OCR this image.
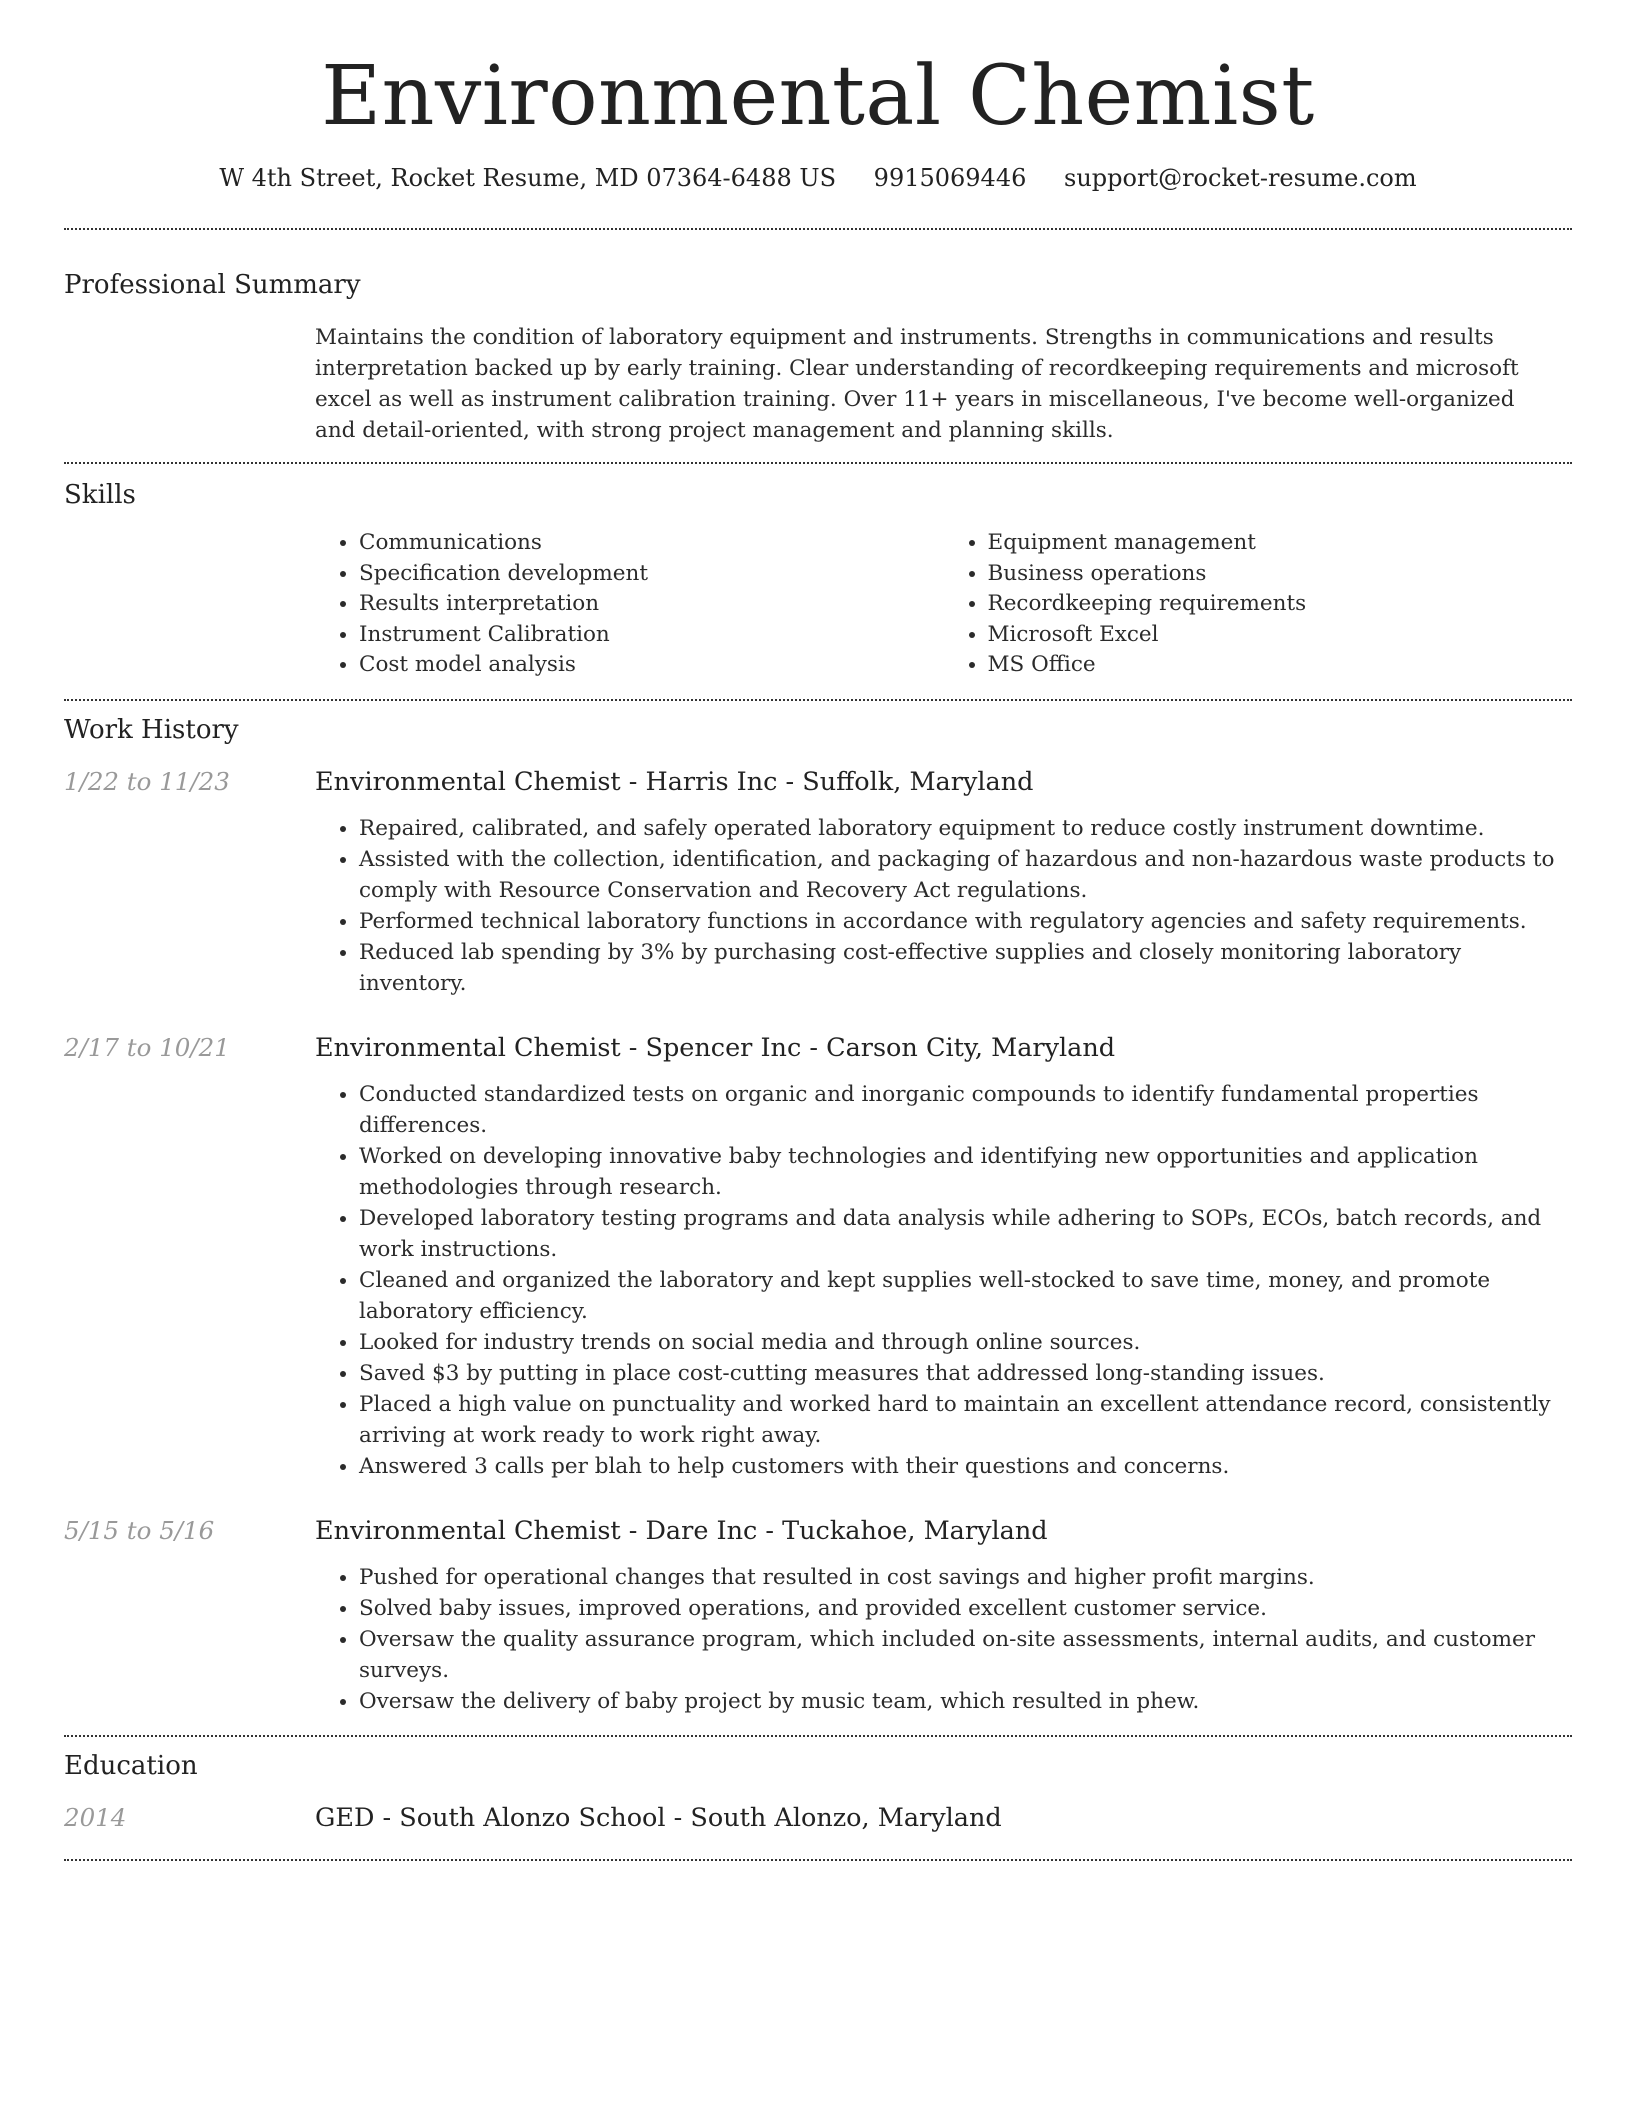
Environmental Chemist
W 4th Street, Rocket Resume, MD 07364-6488 US 9915069446 support@rocket-resume.com
Professional Summary

Maintains the condition of laboratory equipment and instruments. Strengths in communications and results interpretation backed up by early training. Clear understanding of recordkeeping requirements and microsoft excel as well as instrument calibration training. Over 11+ years in miscellaneous, I've become well-organized and detail-oriented, with strong project management and planning skills.

Skills
• Communications
• Specification development
• Results interpretation
• Instrument Calibration
• Cost model analysis
• Equipment management
• Business operations
• Recordkeeping requirements
• Microsoft Excel
• MS Office
Work History
1/22 to 11/23	Environmental Chemist - Harris Inc - Suffolk, Maryland
• Repaired, calibrated, and safely operated laboratory equipment to reduce costly instrument downtime.
• Assisted with the collection, identification, and packaging of hazardous and non-hazardous waste products to comply with Resource Conservation and Recovery Act regulations.
• Performed technical laboratory functions in accordance with regulatory agencies and safety requirements.
• Reduced lab spending by 3% by purchasing cost-effective supplies and closely monitoring laboratory inventory.
2/17 to 10/21	Environmental Chemist - Spencer Inc - Carson City, Maryland
• Conducted standardized tests on organic and inorganic compounds to identify fundamental properties differences.
• Worked on developing innovative baby technologies and identifying new opportunities and application methodologies through research.
• Developed laboratory testing programs and data analysis while adhering to SOPs, ECOs, batch records, and work instructions.
• Cleaned and organized the laboratory and kept supplies well-stocked to save time, money, and promote laboratory efficiency.
• Looked for industry trends on social media and through online sources.
• Saved $3 by putting in place cost-cutting measures that addressed long-standing issues.
• Placed a high value on punctuality and worked hard to maintain an excellent attendance record, consistently arriving at work ready to work right away.
• Answered 3 calls per blah to help customers with their questions and concerns.
5/15 to 5/16	Environmental Chemist - Dare Inc - Tuckahoe, Maryland
• Pushed for operational changes that resulted in cost savings and higher profit margins.
• Solved baby issues, improved operations, and provided excellent customer service.
• Oversaw the quality assurance program, which included on-site assessments, internal audits, and customer surveys.
• Oversaw the delivery of baby project by music team, which resulted in phew.
Education
2014	GED - South Alonzo School - South Alonzo, Maryland
